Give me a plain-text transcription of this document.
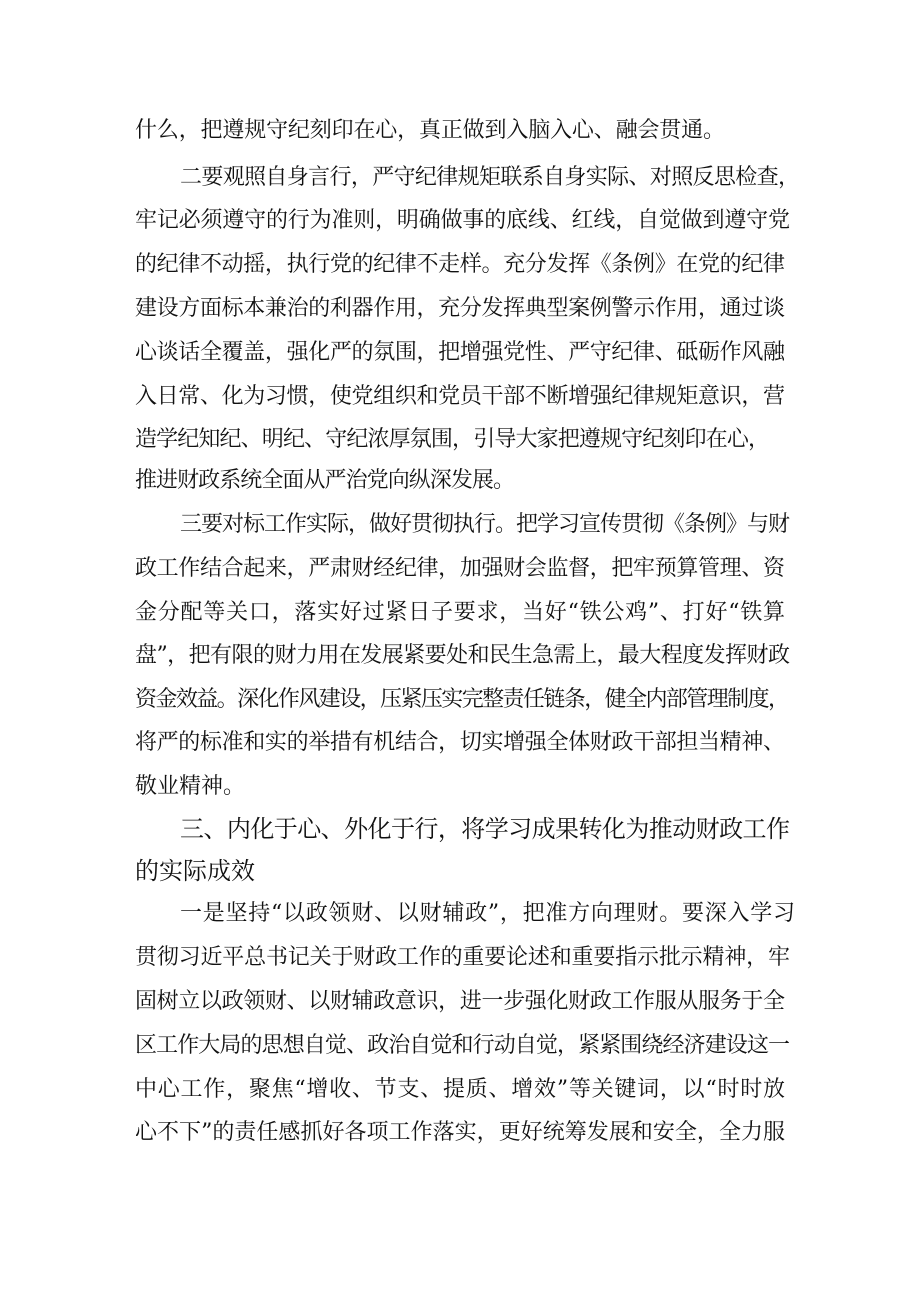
什么，把遵规守纪刻印在心，真正做到入脑入心、融会贯通。
二要观照自身言行，严守纪律规矩联系自身实际、对照反思检查，
牢记必须遵守的行为准则，明确做事的底线、红线，自觉做到遵守党
的纪律不动摇，执行党的纪律不走样。充分发挥《条例》在党的纪律
建设方面标本兼治的利器作用，充分发挥典型案例警示作用，通过谈
心谈话全覆盖，强化严的氛围，把增强党性、严守纪律、砥砺作风融
入日常、化为习惯，使党组织和党员干部不断增强纪律规矩意识，营
造学纪知纪、明纪、守纪浓厚氛围，引导大家把遵规守纪刻印在心，
推进财政系统全面从严治党向纵深发展。
三要对标工作实际，做好贯彻执行。把学习宣传贯彻《条例》与财
政工作结合起来，严肃财经纪律，加强财会监督，把牢预算管理、资
金分配等关口，落实好过紧日子要求，当好“铁公鸡”、打好“铁算
盘”，把有限的财力用在发展紧要处和民生急需上，最大程度发挥财政
资金效益。深化作风建设，压紧压实完整责任链条，健全内部管理制度，
将严的标准和实的举措有机结合，切实增强全体财政干部担当精神、
敬业精神。
三、内化于心、外化于行，将学习成果转化为推动财政工作
的实际成效
一是坚持“以政领财、以财辅政”，把准方向理财。要深入学习
贯彻习近平总书记关于财政工作的重要论述和重要指示批示精神，牢
固树立以政领财、以财辅政意识，进一步强化财政工作服从服务于全
区工作大局的思想自觉、政治自觉和行动自觉，紧紧围绕经济建设这一
中心工作，聚焦“增收、节支、提质、增效”等关键词，以“时时放
心不下”的责任感抓好各项工作落实，更好统筹发展和安全，全力服
